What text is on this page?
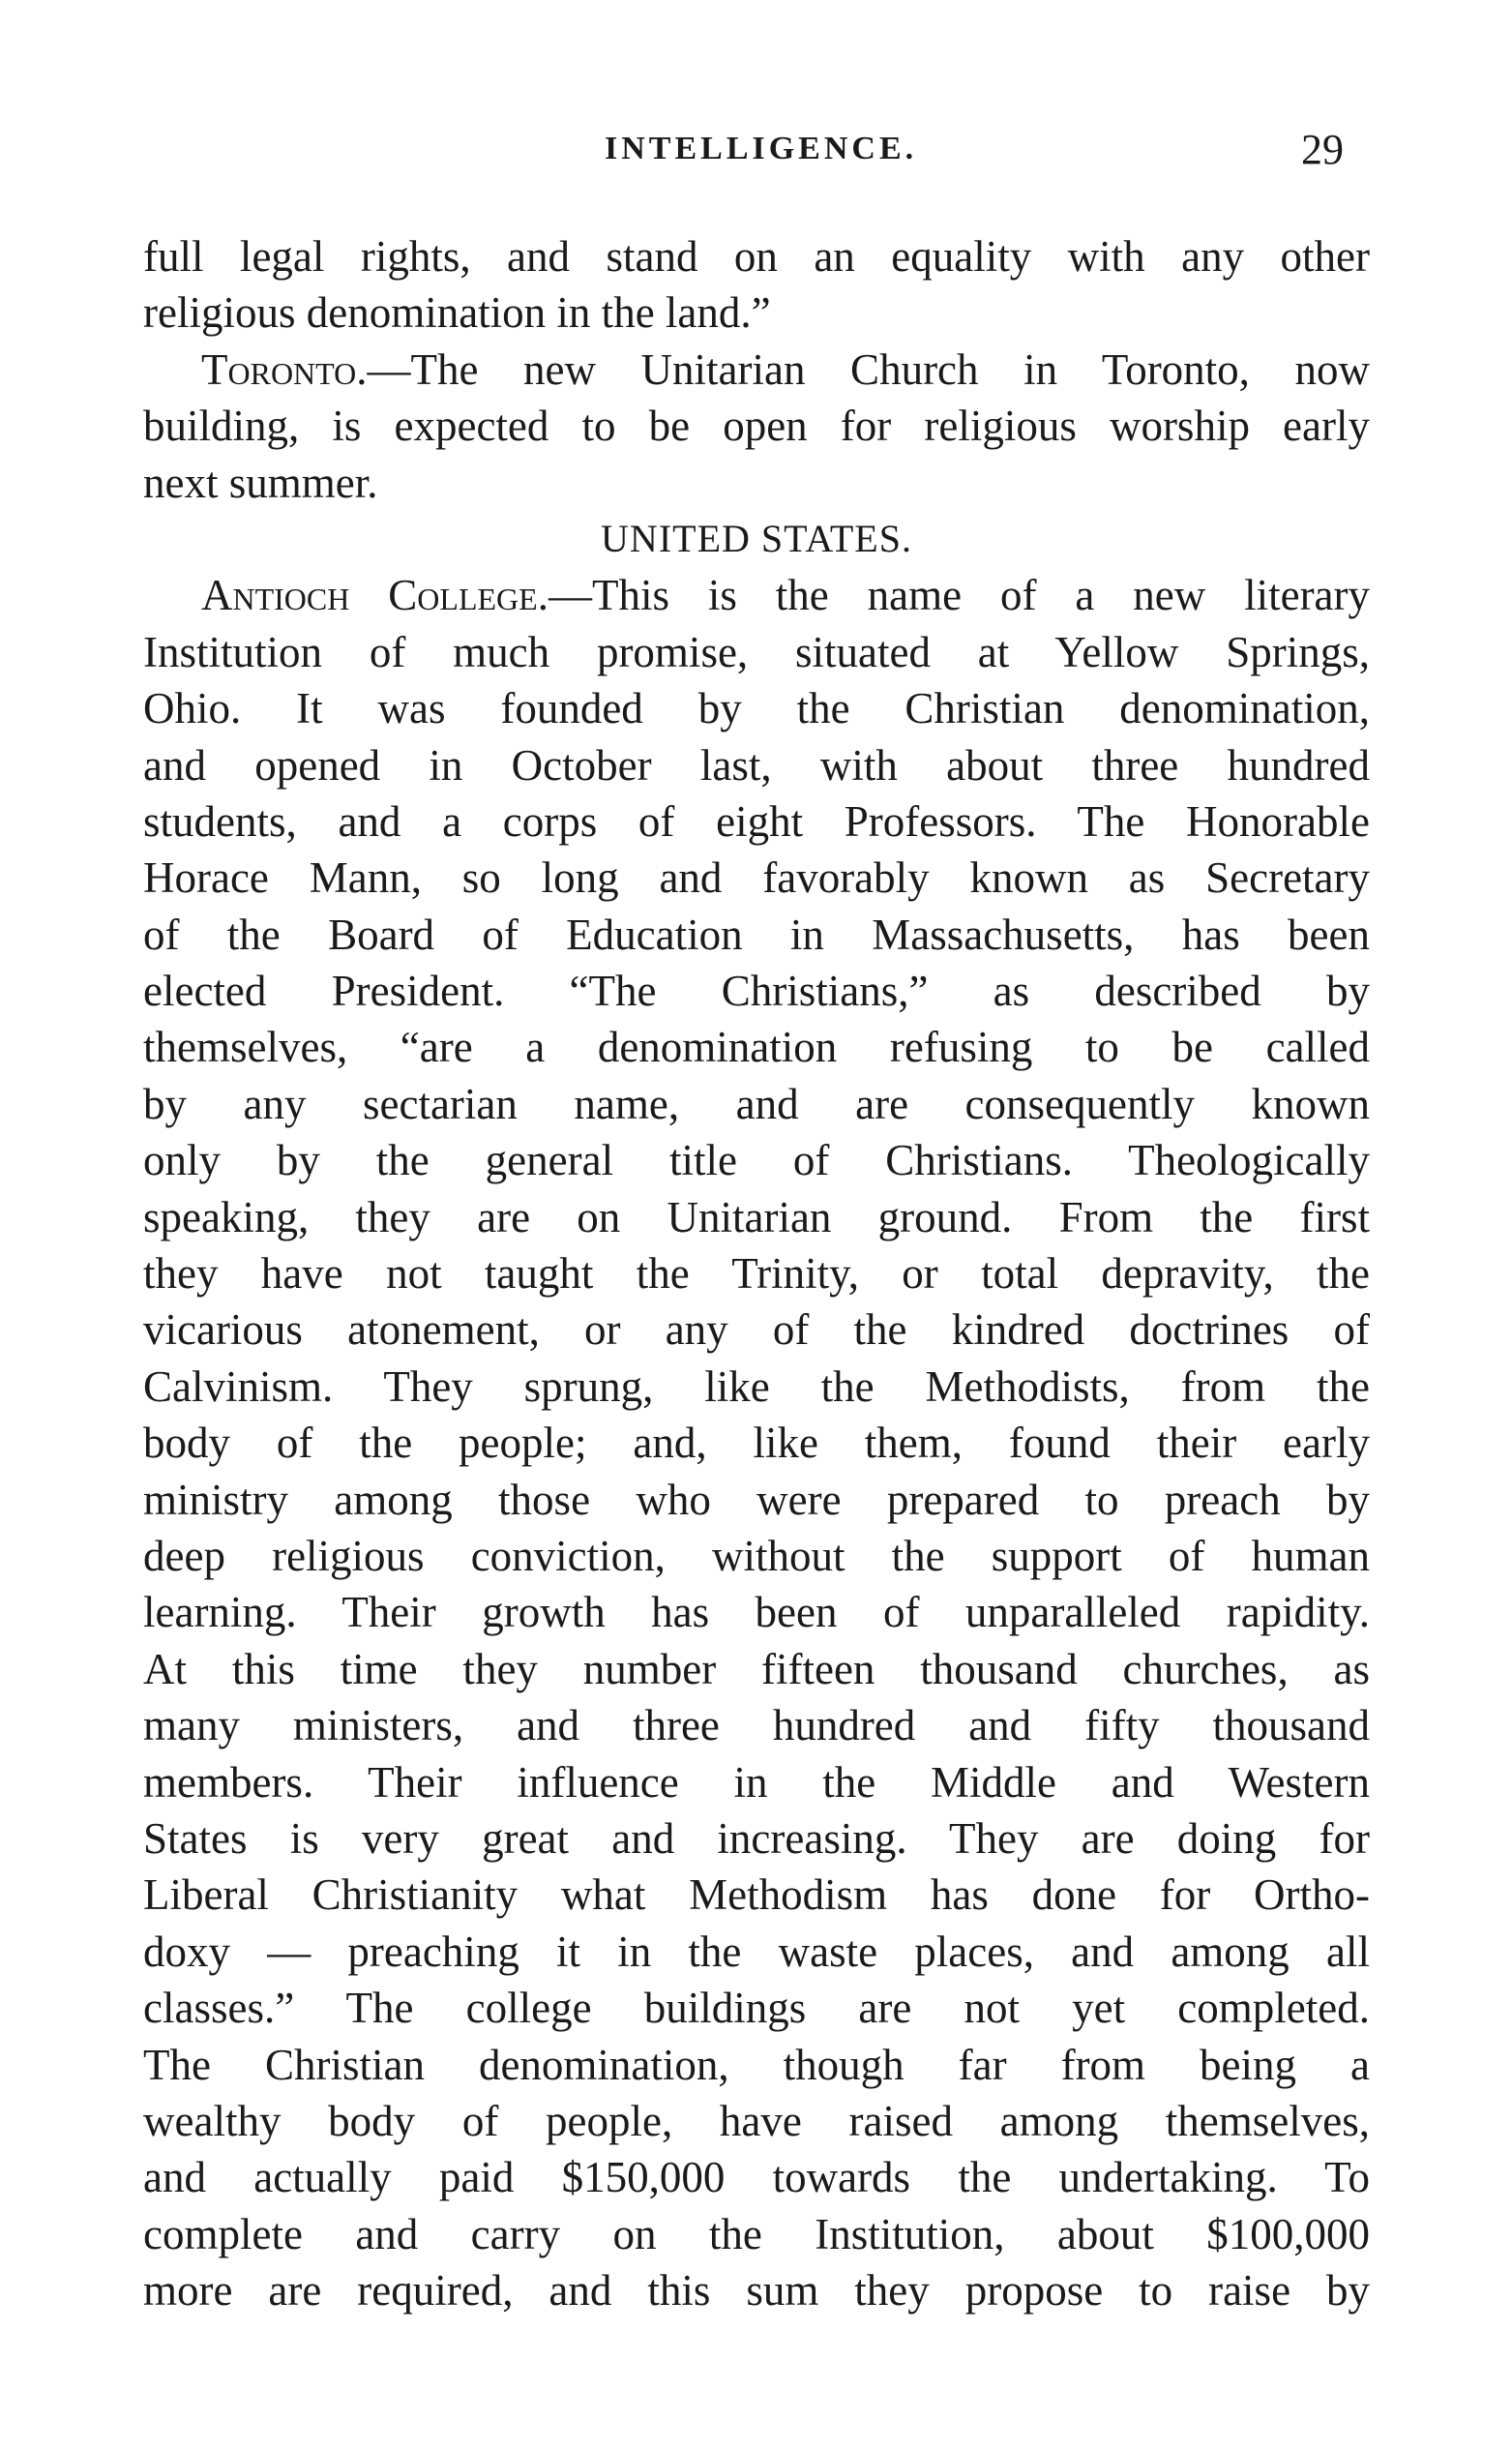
INTELLIGENCE.	29
full legal rights, and stand on an equality with any other
religious denomination in the land.”
Toronto.—The new Unitarian Church in Toronto, now
building, is expected to be open for religious worship early
next summer.
UNITED STATES.
Antioch College.—This is the name of a new literary
Institution of much promise, situated at Yellow Springs,
Ohio. It was founded by the Christian denomination,
and opened in October last, with about three hundred
students, and a corps of eight Professors. The Honorable
Horace Mann, so long and favorably known as Secretary
of the Board of Education in Massachusetts, has been
elected President. “The Christians,” as described by
themselves, “are a denomination refusing to be called
by any sectarian name, and are consequently known
only by the general title of Christians. Theologically
speaking, they are on Unitarian ground. From the first
they have not taught the Trinity, or total depravity, the
vicarious atonement, or any of the kindred doctrines of
Calvinism. They sprung, like the Methodists, from the
body of the people; and, like them, found their early
ministry among those who were prepared to preach by
deep religious conviction, without the support of human
learning. Their growth has been of unparalleled rapidity.
At this time they number fifteen thousand churches, as
many ministers, and three hundred and fifty thousand
members. Their influence in the Middle and Western
States is very great and increasing. They are doing for
Liberal Christianity what Methodism has done for Ortho-
doxy — preaching it in the waste places, and among all
classes.” The college buildings are not yet completed.
The Christian denomination, though far from being a
wealthy body of people, have raised among themselves,
and actually paid $150,000 towards the undertaking. To
complete and carry on the Institution, about $100,000
more are required, and this sum they propose to raise by
